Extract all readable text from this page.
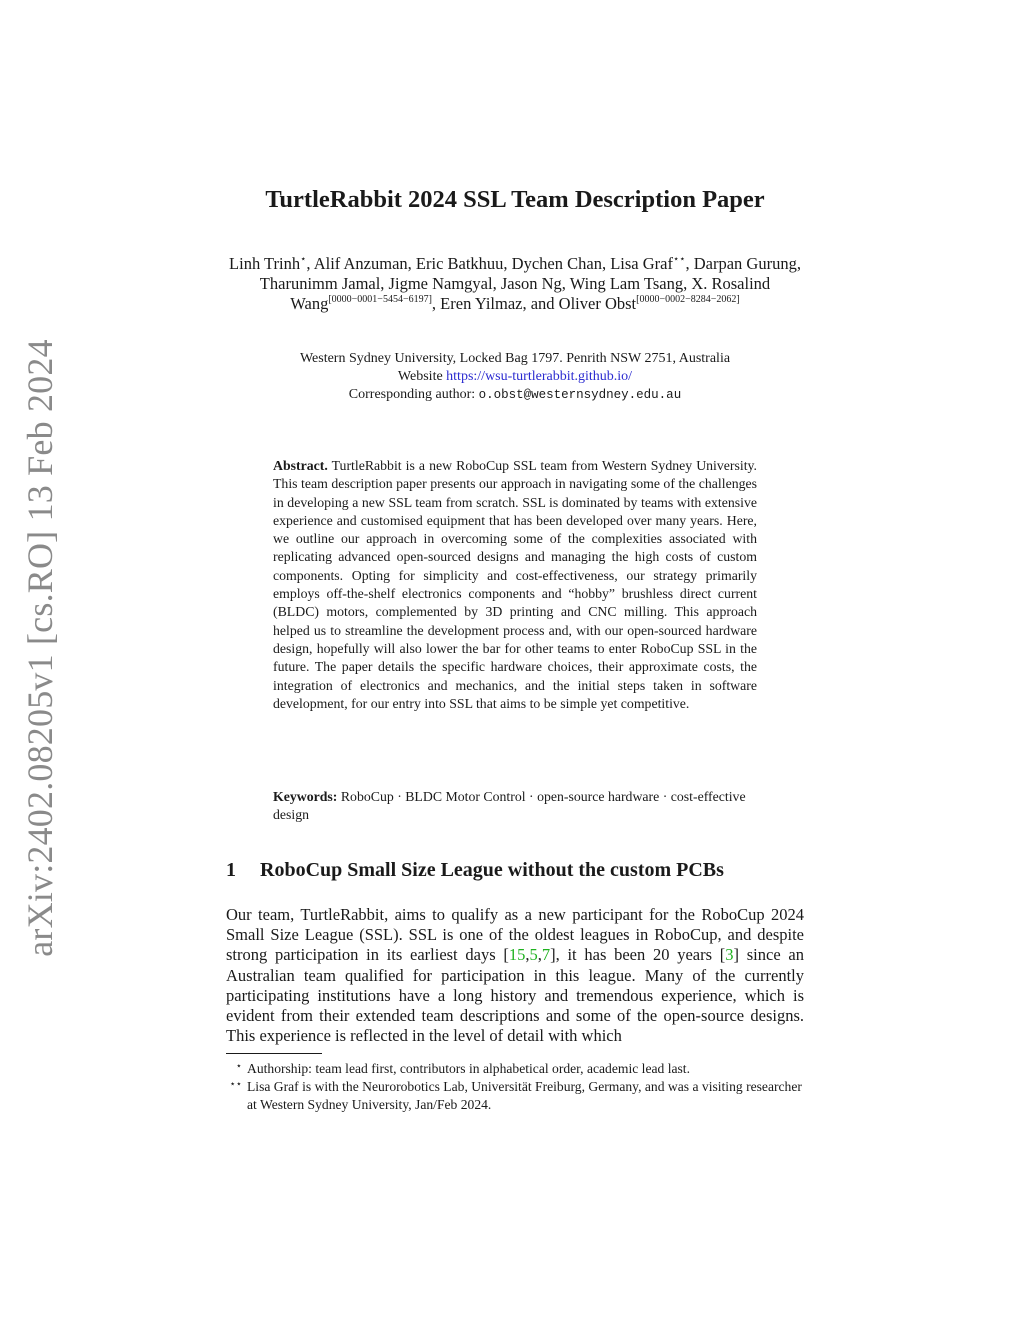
arXiv:2402.08205v1 [cs.RO] 13 Feb 2024
TurtleRabbit 2024 SSL Team Description Paper
Linh Trinh⋆, Alif Anzuman, Eric Batkhuu, Dychen Chan, Lisa Graf⋆⋆, Darpan Gurung, Tharunimm Jamal, Jigme Namgyal, Jason Ng, Wing Lam Tsang, X. Rosalind Wang[0000−0001−5454−6197], Eren Yilmaz, and Oliver Obst[0000−0002−8284−2062]
Western Sydney University, Locked Bag 1797. Penrith NSW 2751, Australia
Website https://wsu-turtlerabbit.github.io/
Corresponding author: o.obst@westernsydney.edu.au
Abstract. TurtleRabbit is a new RoboCup SSL team from Western Sydney University. This team description paper presents our approach in navigating some of the challenges in developing a new SSL team from scratch. SSL is dominated by teams with extensive experience and customised equipment that has been developed over many years. Here, we outline our approach in overcoming some of the complexities associated with replicating advanced open-sourced designs and managing the high costs of custom components. Opting for simplicity and cost-effectiveness, our strategy primarily employs off-the-shelf electronics components and “hobby” brushless direct current (BLDC) motors, complemented by 3D printing and CNC milling. This approach helped us to streamline the development process and, with our open-sourced hardware design, hopefully will also lower the bar for other teams to enter RoboCup SSL in the future. The paper details the specific hardware choices, their approximate costs, the integration of electronics and mechanics, and the initial steps taken in software development, for our entry into SSL that aims to be simple yet competitive.
Keywords: RoboCup · BLDC Motor Control · open-source hardware · cost-effective design
1 RoboCup Small Size League without the custom PCBs
Our team, TurtleRabbit, aims to qualify as a new participant for the RoboCup 2024 Small Size League (SSL). SSL is one of the oldest leagues in RoboCup, and despite strong participation in its earliest days [15,5,7], it has been 20 years [3] since an Australian team qualified for participation in this league. Many of the currently participating institutions have a long history and tremendous experience, which is evident from their extended team descriptions and some of the open-source designs. This experience is reflected in the level of detail with which
⋆ Authorship: team lead first, contributors in alphabetical order, academic lead last.
⋆⋆ Lisa Graf is with the Neurorobotics Lab, Universität Freiburg, Germany, and was a visiting researcher at Western Sydney University, Jan/Feb 2024.
